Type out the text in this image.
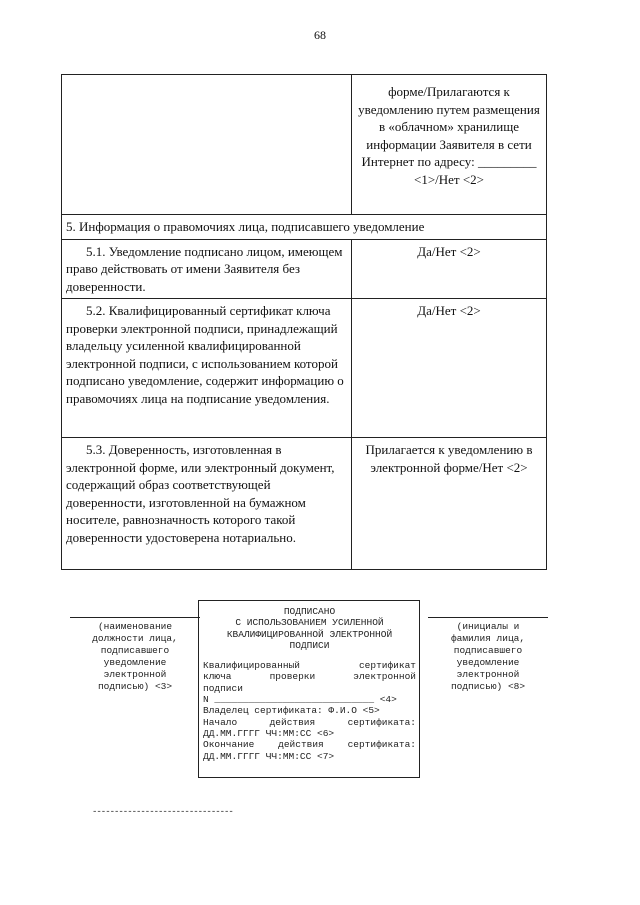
68
	форме/Прилагаются к уведомлению путем размещения в «облачном» хранилище информации Заявителя в сети Интернет по адресу: _________ <1>/Нет <2>
5. Информация о правомочиях лица, подписавшего уведомление	
5.1. Уведомление подписано лицом, имеющем право действовать от имени Заявителя без доверенности.	Да/Нет <2>
5.2. Квалифицированный сертификат ключа проверки электронной подписи, принадлежащий владельцу усиленной квалифицированной электронной подписи, с использованием которой подписано уведомление, содержит информацию о правомочиях лица на подписание уведомления.	Да/Нет <2>
5.3. Доверенность, изготовленная в электронной форме, или электронный документ, содержащий образ соответствующей доверенности, изготовленной на бумажном носителе, равнозначность которого такой доверенности удостоверена нотариально.	Прилагается к уведомлению в электронной форме/Нет <2>
(наименование
должности лица,
подписавшего
уведомление
электронной
подписью) <3>
ПОДПИСАНО
С ИСПОЛЬЗОВАНИЕМ УСИЛЕННОЙ
КВАЛИФИЦИРОВАННОЙ ЭЛЕКТРОННОЙ
ПОДПИСИ
Квалифицированный сертификат
ключа проверки электронной
подписи
N ____________________________ <4>
Владелец сертификата: Ф.И.О <5>
Начало действия сертификата:
ДД.ММ.ГГГГ ЧЧ:ММ:СС <6>
Окончание действия сертификата:
ДД.ММ.ГГГГ ЧЧ:ММ:СС <7>
(инициалы и
фамилия лица,
подписавшего
уведомление
электронной
подписью) <8>
--------------------------------
